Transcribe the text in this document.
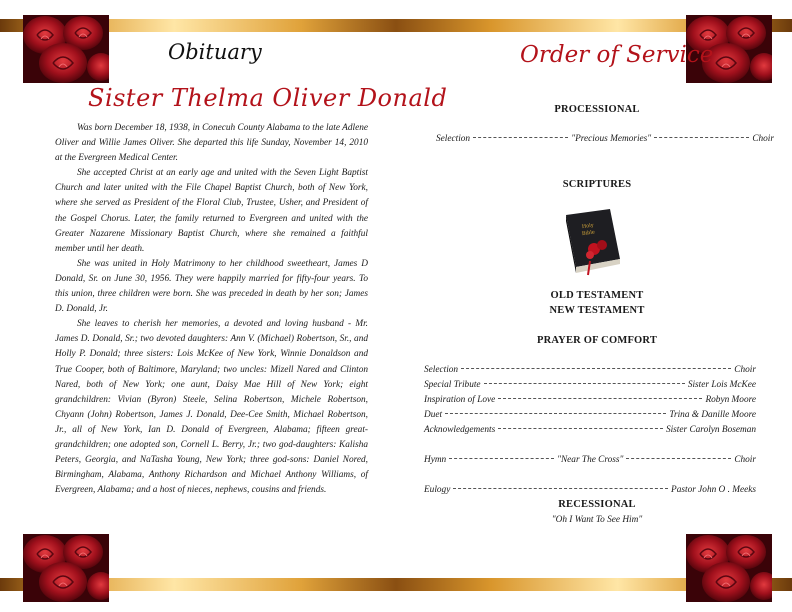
Obituary
Sister Thelma Oliver Donald

Was born December 18, 1938, in Conecuh County Alabama to the late Adlene Oliver and Willie James Oliver. She departed this life Sunday, November 14, 2010 at the Evergreen Medical Center.

She accepted Christ at an early age and united with the Seven Light Baptist Church and later united with the File Chapel Baptist Church, both of New York, where she served as President of the Floral Club, Trustee, Usher, and President of the Gospel Chorus. Later, the family returned to Evergreen and united with the Greater Nazarene Missionary Baptist Church, where she remained a faithful member until her death.

She was united in Holy Matrimony to her childhood sweetheart, James D Donald, Sr. on June 30, 1956. They were happily married for fifty-four years. To this union, three children were born. She was preceded in death by her son; James D. Donald, Jr.

She leaves to cherish her memories, a devoted and loving husband - Mr. James D. Donald, Sr.; two devoted daughters: Ann V. (Michael) Robertson, Sr., and Holly P. Donald; three sisters: Lois McKee of New York, Winnie Donaldson and True Cooper, both of Baltimore, Maryland; two uncles: Mizell Nared and Clinton Nared, both of New York; one aunt, Daisy Mae Hill of New York; eight grandchildren: Vivian (Byron) Steele, Selina Robertson, Michele Robertson, Chyann (John) Robertson, James J. Donald, Dee-Cee Smith, Michael Robertson, Jr., all of New York, Ian D. Donald of Evergreen, Alabama; fifteen great-grandchildren; one adopted son, Cornell L. Berry, Jr.; two god-daughters: Kalisha Peters, Georgia, and NaTasha Young, New York; three god-sons: Daniel Nored, Birmingham, Alabama, Anthony Richardson and Michael Anthony Williams, of Evergreen, Alabama; and a host of nieces, nephews, cousins and friends.

Order of Service
PROCESSIONAL
Selection	"Precious Memories"	Choir
SCRIPTURES
Holy
Bible
OLD TESTAMENT
NEW TESTAMENT
PRAYER OF COMFORT
Selection	Choir
Special Tribute	Sister Lois McKee
Inspiration of Love	Robyn Moore
Duet	Trina & Danille Moore
Acknowledgements	Sister Carolyn Boseman
Hymn	"Near The Cross"	Choir
Eulogy	Pastor John O . Meeks
RECESSIONAL
"Oh I Want To See Him"
